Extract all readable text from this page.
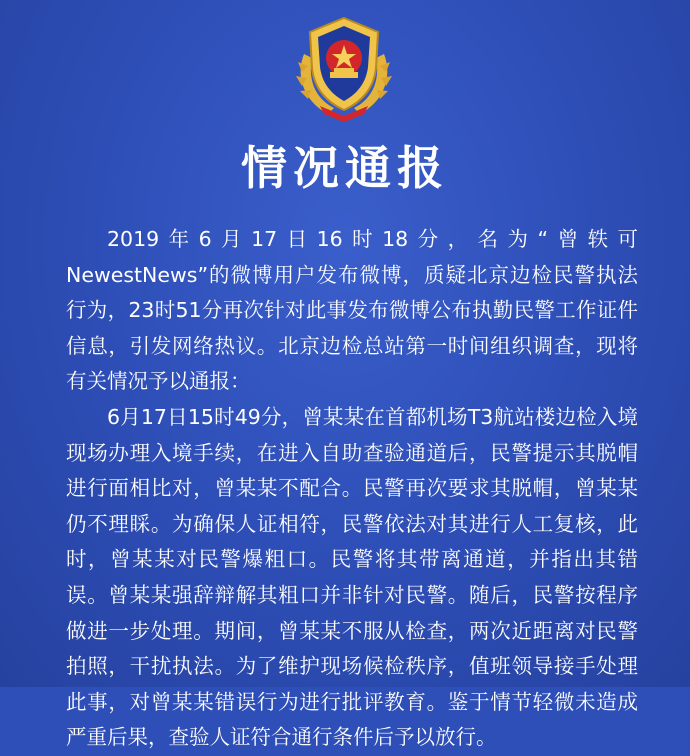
情况通报

2019年6月17日16时18分，名为“曾轶可NewestNews”的微博用户发布微博，质疑北京边检民警执法行为，23时51分再次针对此事发布微博公布执勤民警工作证件信息，引发网络热议。北京边检总站第一时间组织调查，现将有关情况予以通报：

6月17日15时49分，曾某某在首都机场T3航站楼边检入境现场办理入境手续，在进入自助查验通道后，民警提示其脱帽进行面相比对，曾某某不配合。民警再次要求其脱帽，曾某某仍不理睬。为确保人证相符，民警依法对其进行人工复核，此时，曾某某对民警爆粗口。民警将其带离通道，并指出其错误。曾某某强辞辩解其粗口并非针对民警。随后，民警按程序做进一步处理。期间，曾某某不服从检查，两次近距离对民警拍照，干扰执法。为了维护现场候检秩序，值班领导接手处理此事，对曾某某错误行为进行批评教育。鉴于情节轻微未造成严重后果，查验人证符合通行条件后予以放行。
